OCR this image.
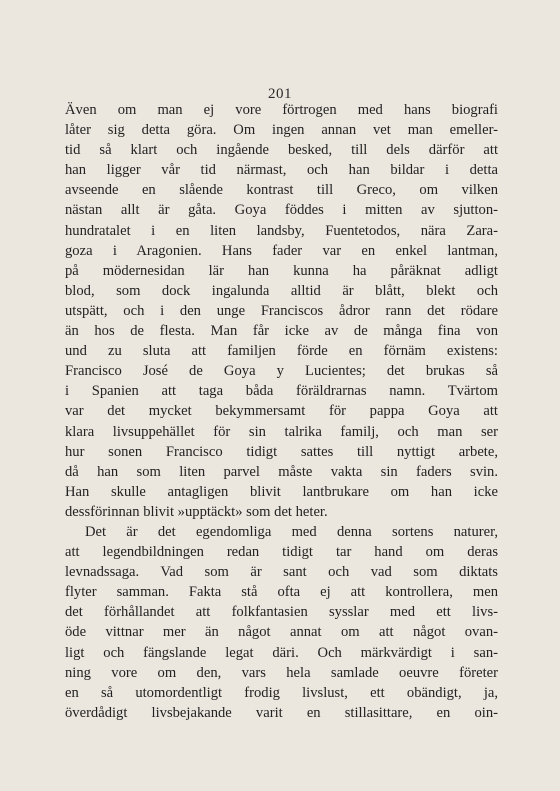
201
Även om man ej vore förtrogen med hans biografi
låter sig detta göra. Om ingen annan vet man emeller-
tid så klart och ingående besked, till dels därför att
han ligger vår tid närmast, och han bildar i detta
avseende en slående kontrast till Greco, om vilken
nästan allt är gåta. Goya föddes i mitten av sjutton-
hundratalet i en liten landsby, Fuentetodos, nära Zara-
goza i Aragonien. Hans fader var en enkel lantman,
på mödernesidan lär han kunna ha påräknat adligt
blod, som dock ingalunda alltid är blått, blekt och
utspätt, och i den unge Franciscos ådror rann det rödare
än hos de flesta. Man får icke av de många fina von
und zu sluta att familjen förde en förnäm existens:
Francisco José de Goya y Lucientes; det brukas så
i Spanien att taga båda föräldrarnas namn. Tvärtom
var det mycket bekymmersamt för pappa Goya att
klara livsuppehället för sin talrika familj, och man ser
hur sonen Francisco tidigt sattes till nyttigt arbete,
då han som liten parvel måste vakta sin faders svin.
Han skulle antagligen blivit lantbrukare om han icke
dessförinnan blivit »upptäckt» som det heter.
Det är det egendomliga med denna sortens naturer,
att legendbildningen redan tidigt tar hand om deras
levnadssaga. Vad som är sant och vad som diktats
flyter samman. Fakta stå ofta ej att kontrollera, men
det förhållandet att folkfantasien sysslar med ett livs-
öde vittnar mer än något annat om att något ovan-
ligt och fängslande legat däri. Och märkvärdigt i san-
ning vore om den, vars hela samlade oeuvre företer
en så utomordentligt frodig livslust, ett obändigt, ja,
överdådigt livsbejakande varit en stillasittare, en oin-
